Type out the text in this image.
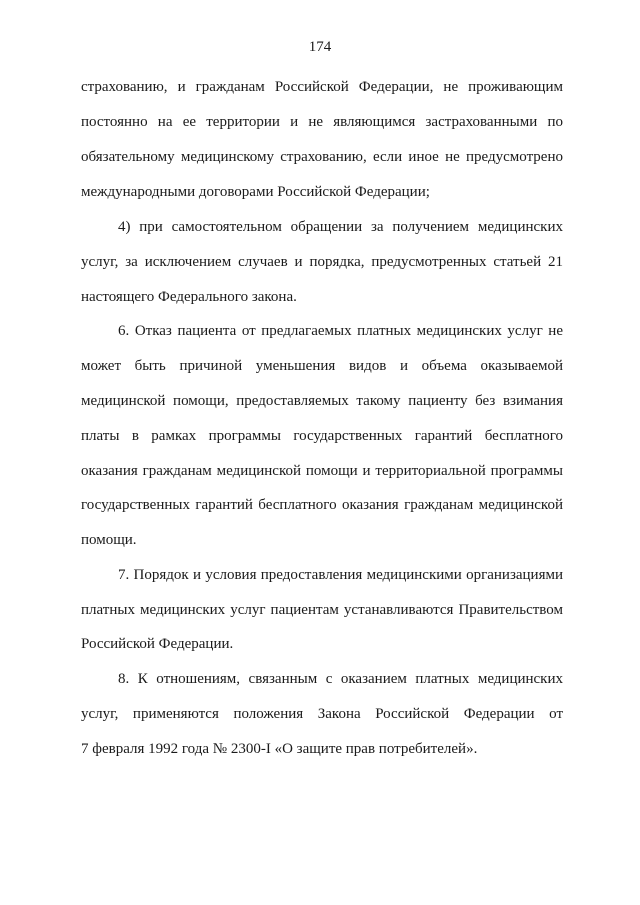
174
страхованию, и гражданам Российской Федерации, не проживающим
постоянно на ее территории и не являющимся застрахованными по
обязательному медицинскому страхованию, если иное не предусмотрено
международными договорами Российской Федерации;
4) при самостоятельном обращении за получением медицинских
услуг, за исключением случаев и порядка, предусмотренных статьей 21
настоящего Федерального закона.
6. Отказ пациента от предлагаемых платных медицинских услуг не
может быть причиной уменьшения видов и объема оказываемой
медицинской помощи, предоставляемых такому пациенту без взимания
платы в рамках программы государственных гарантий бесплатного
оказания гражданам медицинской помощи и территориальной программы
государственных гарантий бесплатного оказания гражданам медицинской
помощи.
7. Порядок и условия предоставления медицинскими организациями
платных медицинских услуг пациентам устанавливаются Правительством
Российской Федерации.
8. К отношениям, связанным с оказанием платных медицинских
услуг, применяются положения Закона Российской Федерации от
7 февраля 1992 года № 2300-I «О защите прав потребителей».
